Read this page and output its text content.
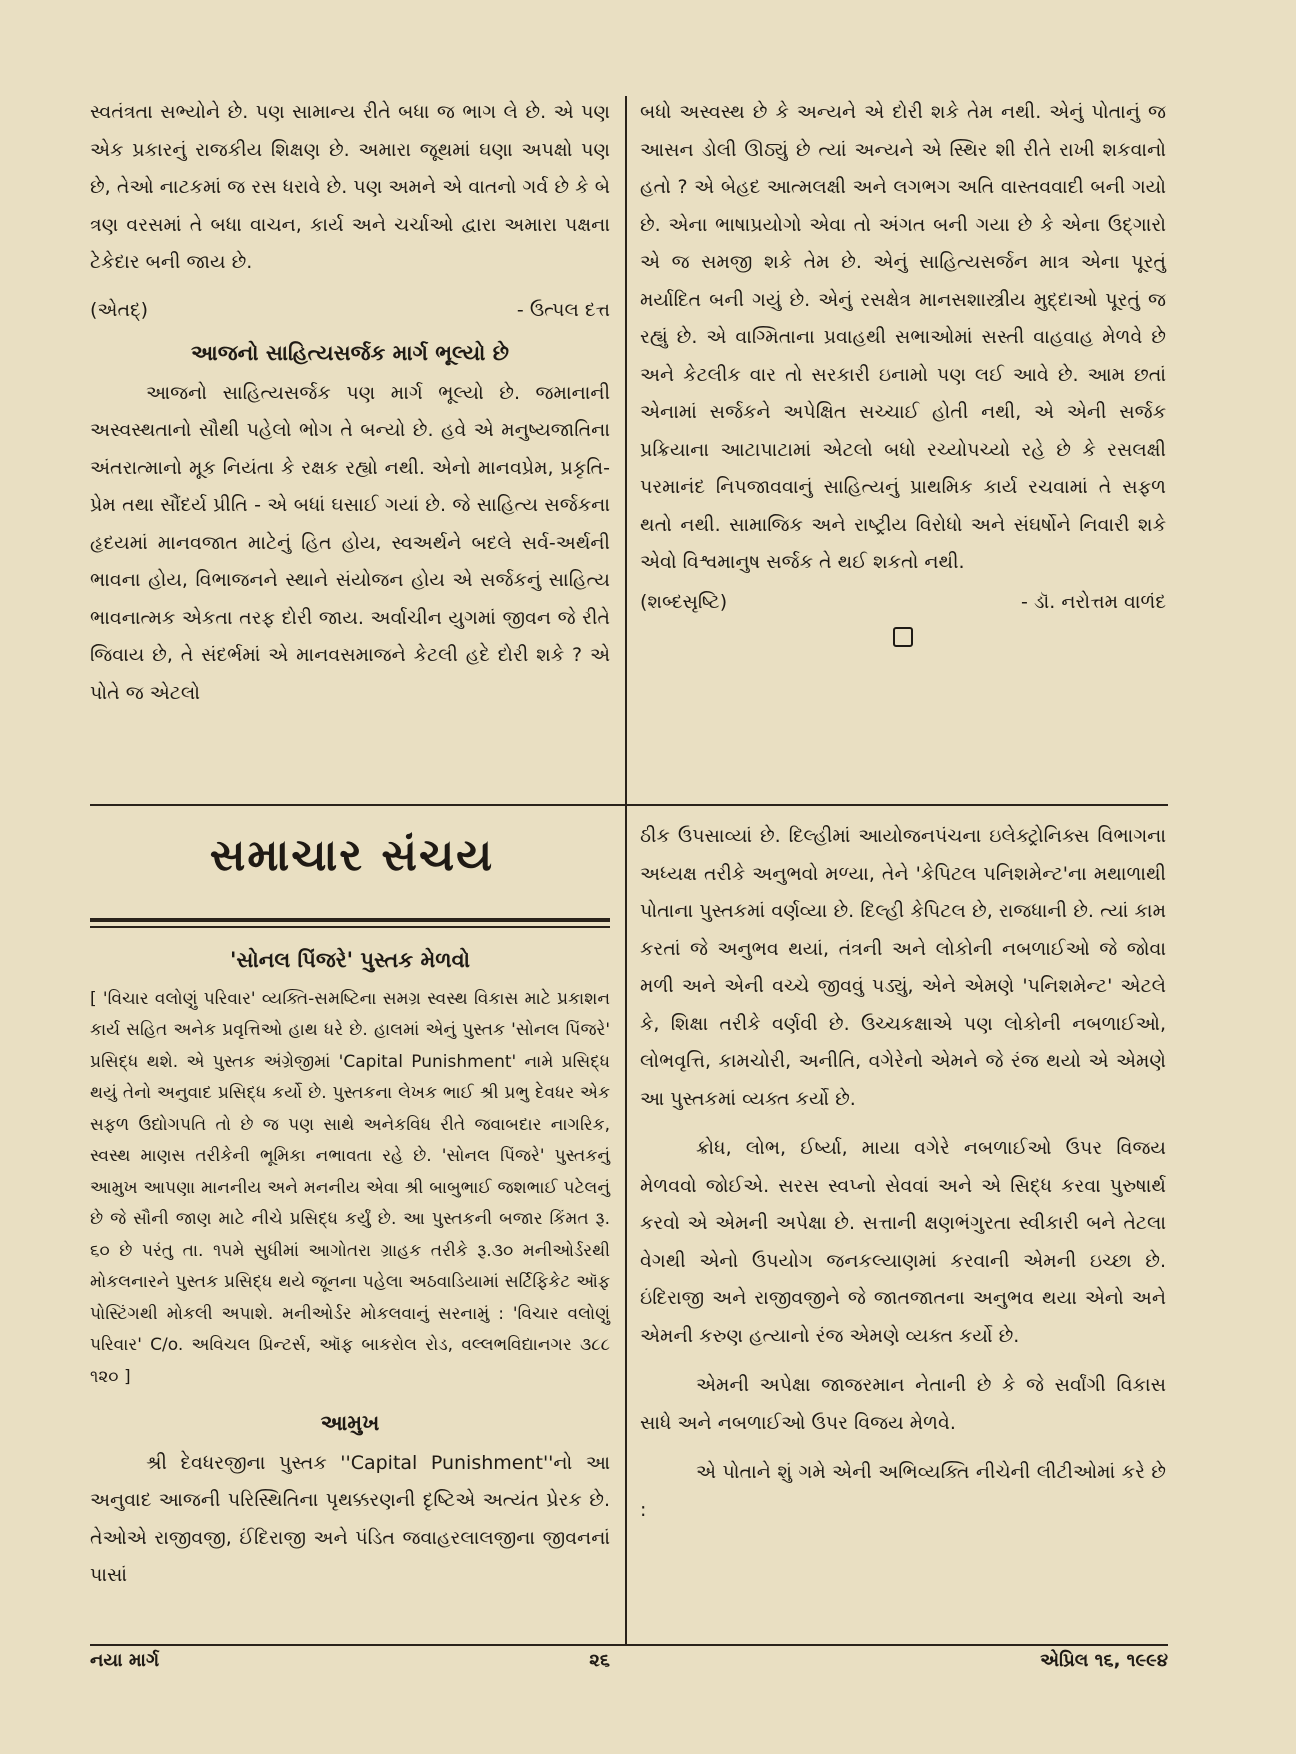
સ્વતંત્રતા સભ્યોને છે. પણ સામાન્ય રીતે બધા જ ભાગ લે છે. એ પણ એક પ્રકારનું રાજકીય શિક્ષણ છે. અમારા જૂથમાં ઘણા અપક્ષો પણ છે, તેઓ નાટકમાં જ રસ ધરાવે છે. પણ અમને એ વાતનો ગર્વ છે કે બે ત્રણ વરસમાં તે બધા વાચન, કાર્ય અને ચર્ચાઓ દ્વારા અમારા પક્ષના ટેકેદાર બની જાય છે.

(એતદ્)	- ઉત્પલ દત્ત
આજનો સાહિત્યસર્જક માર્ગ ભૂલ્યો છે

આજનો સાહિત્યસર્જક પણ માર્ગ ભૂલ્યો છે. જમાનાની અસ્વસ્થતાનો સૌથી પહેલો ભોગ તે બન્યો છે. હવે એ મનુષ્યજાતિના અંતરાત્માનો મૂક નિયંતા કે રક્ષક રહ્યો નથી. એનો માનવપ્રેમ, પ્રકૃતિ-પ્રેમ તથા સૌંદર્ય પ્રીતિ - એ બધાં ઘસાઈ ગયાં છે. જે સાહિત્ય સર્જકના હૃદયમાં માનવજાત માટેનું હિત હોય, સ્વઅર્થને બદલે સર્વ-અર્થની ભાવના હોય, વિભાજનને સ્થાને સંયોજન હોય એ સર્જકનું સાહિત્ય ભાવનાત્મક એકતા તરફ દોરી જાય. અર્વાચીન યુગમાં જીવન જે રીતે જિવાય છે, તે સંદર્ભમાં એ માનવસમાજને કેટલી હદે દોરી શકે ? એ પોતે જ એટલો

બધો અસ્વસ્થ છે કે અન્યને એ દોરી શકે તેમ નથી. એનું પોતાનું જ આસન ડોલી ઊઠ્યું છે ત્યાં અન્યને એ સ્થિર શી રીતે રાખી શકવાનો હતો ? એ બેહદ આત્મલક્ષી અને લગભગ અતિ વાસ્તવવાદી બની ગયો છે. એના ભાષાપ્રયોગો એવા તો અંગત બની ગયા છે કે એના ઉદ્ગારો એ જ સમજી શકે તેમ છે. એનું સાહિત્યસર્જન માત્ર એના પૂરતું મર્યાદિત બની ગયું છે. એનું રસક્ષેત્ર માનસશાસ્ત્રીય મુદ્દાઓ પૂરતું જ રહ્યું છે. એ વાગ્મિતાના પ્રવાહથી સભાઓમાં સસ્તી વાહવાહ મેળવે છે અને કેટલીક વાર તો સરકારી ઇનામો પણ લઈ આવે છે. આમ છતાં એનામાં સર્જકને અપેક્ષિત સચ્ચાઈ હોતી નથી, એ એની સર્જક પ્રક્રિયાના આટાપાટામાં એટલો બધો રચ્યોપચ્યો રહે છે કે રસલક્ષી પરમાનંદ નિપજાવવાનું સાહિત્યનું પ્રાથમિક કાર્ય રચવામાં તે સફળ થતો નથી. સામાજિક અને રાષ્ટ્રીય વિરોધો અને સંઘર્ષોને નિવારી શકે એવો વિશ્વમાનુષ સર્જક તે થઈ શકતો નથી.

(શબ્દસૃષ્ટિ)	- ડૉ. નરોત્તમ વાળંદ
સમાચાર સંચય
'સોનલ પિંજરે' પુસ્તક મેળવો

[ 'વિચાર વલોણું પરિવાર' વ્યક્તિ-સમષ્ટિના સમગ્ર સ્વસ્થ વિકાસ માટે પ્રકાશન કાર્ય સહિત અનેક પ્રવૃત્તિઓ હાથ ધરે છે. હાલમાં એનું પુસ્તક 'સોનલ પિંજરે' પ્રસિદ્ધ થશે. એ પુસ્તક અંગ્રેજીમાં 'Capital Punishment' નામે પ્રસિદ્ધ થયું તેનો અનુવાદ પ્રસિદ્ધ કર્યો છે. પુસ્તકના લેખક ભાઈ શ્રી પ્રભુ દેવધર એક સફળ ઉદ્યોગપતિ તો છે જ પણ સાથે અનેકવિધ રીતે જવાબદાર નાગરિક, સ્વસ્થ માણસ તરીકેની ભૂમિકા નભાવતા રહે છે. 'સોનલ પિંજરે' પુસ્તકનું આમુખ આપણા માનનીય અને મનનીય એવા શ્રી બાબુભાઈ જશભાઈ પટેલનું છે જે સૌની જાણ માટે નીચે પ્રસિદ્ધ કર્યું છે. આ પુસ્તકની બજાર કિંમત રૂ. ૬૦ છે પરંતુ તા. ૧૫મે સુધીમાં આગોતરા ગ્રાહક તરીકે રૂ.૩૦ મનીઓર્ડરથી મોકલનારને પુસ્તક પ્રસિદ્ધ થયે જૂનના પહેલા અઠવાડિયામાં સર્ટિફિકેટ ઑફ પોસ્ટિંગથી મોકલી અપાશે. મનીઓર્ડર મોકલવાનું સરનામું : 'વિચાર વલોણું પરિવાર' C/o. અવિચલ પ્રિન્ટર્સ, ઑફ બાકરોલ રોડ, વલ્લભવિદ્યાનગર ૩૮૮ ૧૨૦ ]

આમુખ

શ્રી દેવધરજીના પુસ્તક ''Capital Punishment''નો આ અનુવાદ આજની પરિસ્થિતિના પૃથક્કરણની દૃષ્ટિએ અત્યંત પ્રેરક છે. તેઓએ રાજીવજી, ઈંદિરાજી અને પંડિત જવાહરલાલજીના જીવનનાં પાસાં

ઠીક ઉપસાવ્યાં છે. દિલ્હીમાં આયોજનપંચના ઇલેક્ટ્રોનિક્સ વિભાગના અધ્યક્ષ તરીકે અનુભવો મળ્યા, તેને 'કેપિટલ પનિશમેન્ટ'ના મથાળાથી પોતાના પુસ્તકમાં વર્ણવ્યા છે. દિલ્હી કેપિટલ છે, રાજધાની છે. ત્યાં કામ કરતાં જે અનુભવ થયાં, તંત્રની અને લોકોની નબળાઈઓ જે જોવા મળી અને એની વચ્ચે જીવવું પડ્યું, એને એમણે 'પનિશમેન્ટ' એટલે કે, શિક્ષા તરીકે વર્ણવી છે. ઉચ્ચકક્ષાએ પણ લોકોની નબળાઈઓ, લોભવૃત્તિ, કામચોરી, અનીતિ, વગેરેનો એમને જે રંજ થયો એ એમણે આ પુસ્તકમાં વ્યક્ત કર્યો છે.

ક્રોધ, લોભ, ઈર્ષ્યા, માયા વગેરે નબળાઈઓ ઉપર વિજય મેળવવો જોઈએ. સરસ સ્વપ્નો સેવવાં અને એ સિદ્ધ કરવા પુરુષાર્થ કરવો એ એમની અપેક્ષા છે. સત્તાની ક્ષણભંગુરતા સ્વીકારી બને તેટલા વેગથી એનો ઉપયોગ જનકલ્યાણમાં કરવાની એમની ઇચ્છા છે. ઇંદિરાજી અને રાજીવજીને જે જાતજાતના અનુભવ થયા એનો અને એમની કરુણ હત્યાનો રંજ એમણે વ્યક્ત કર્યો છે.

એમની અપેક્ષા જાજરમાન નેતાની છે કે જે સર્વાંગી વિકાસ સાધે અને નબળાઈઓ ઉપર વિજય મેળવે.

એ પોતાને શું ગમે એની અભિવ્યક્તિ નીચેની લીટીઓમાં કરે છે :

નયા માર્ગ	૨૬	એપ્રિલ ૧૬, ૧૯૯૪
